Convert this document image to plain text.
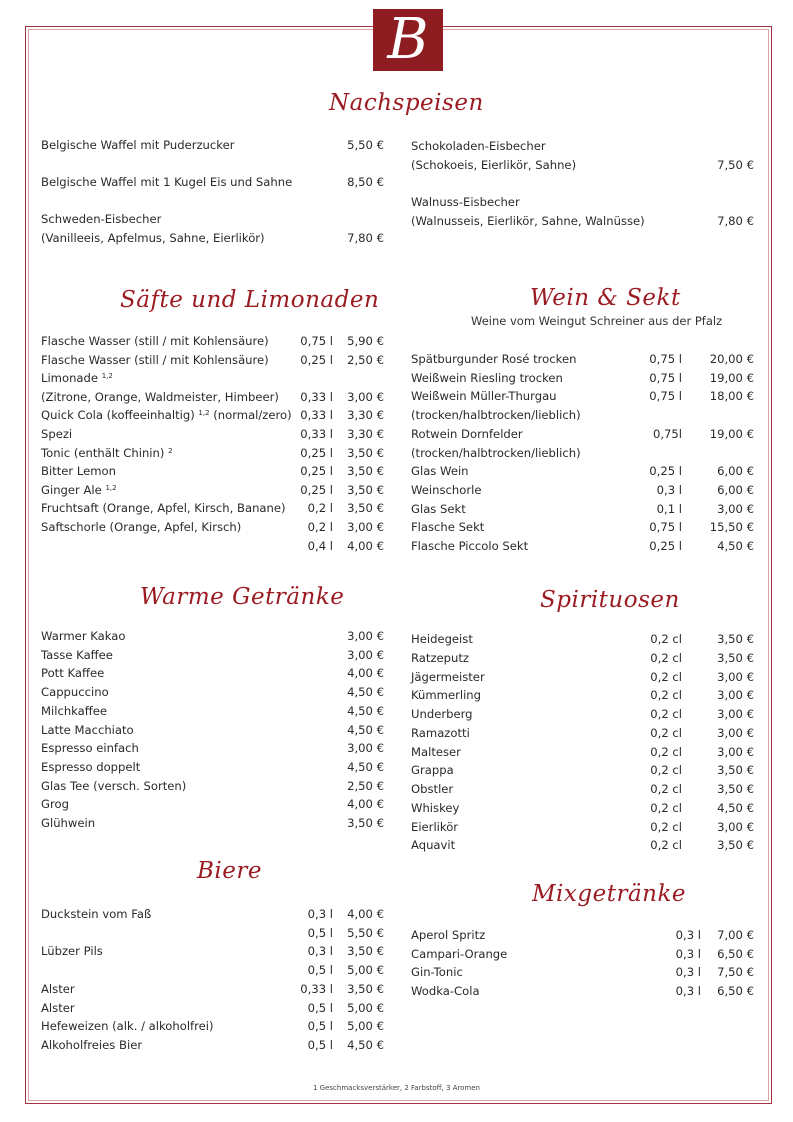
B
Nachspeisen
Belgische Waffel mit Puderzucker	5,50 €
Belgische Waffel mit 1 Kugel Eis und Sahne	8,50 €
Schweden-Eisbecher
(Vanilleeis, Apfelmus, Sahne, Eierlikör)	7,80 €
Schokoladen-Eisbecher
(Schokoeis, Eierlikör, Sahne)	7,50 €
Walnuss-Eisbecher
(Walnusseis, Eierlikör, Sahne, Walnüsse)	7,80 €
Säfte und Limonaden
Flasche Wasser (still / mit Kohlensäure)	0,75 l 5,90 €
Flasche Wasser (still / mit Kohlensäure)	0,25 l 2,50 €
Limonade $^{1,2}$
(Zitrone, Orange, Waldmeister, Himbeer) 0,33 l 3,00 €
Quick Cola (koffeeinhaltig) $^{1,2}$ (normal/zero) 0,33 l 3,30 €
Spezi	0,33 l 3,30 €
Tonic (enthält Chinin) $^2$	0,25 l 3,50 €
Bitter Lemon	0,25 l 3,50 €
Ginger Ale $^{1,2}$	0,25 l 3,50 €
Fruchtsaft (Orange, Apfel, Kirsch, Banane) 0,2 l 3,50 €
Saftschorle (Orange, Apfel, Kirsch)	0,2 l 3,00 €
0,4 l 4,00 €
Wein & Sekt
Weine vom Weingut Schreiner aus der Pfalz
Spätburgunder Rosé trocken	0,75 l 20,00 €
Weißwein Riesling trocken	0,75 l 19,00 €
Weißwein Müller-Thurgau	0,75 l 18,00 €
(trocken/halbtrocken/lieblich)
Rotwein Dornfelder	0,75l 19,00 €
(trocken/halbtrocken/lieblich)
Glas Wein	0,25 l	6,00 €
Weinschorle	0,3 l	6,00 €
Glas Sekt	0,1 l	3,00 €
Flasche Sekt	0,75 l 15,50 €
Flasche Piccolo Sekt	0,25 l	4,50 €
Warme Getränke
Warmer Kakao	3,00 €
Tasse Kaffee	3,00 €
Pott Kaffee	4,00 €
Cappuccino	4,50 €
Milchkaffee	4,50 €
Latte Macchiato	4,50 €
Espresso einfach	3,00 €
Espresso doppelt	4,50 €
Glas Tee (versch. Sorten)	2,50 €
Grog	4,00 €
Glühwein	3,50 €
Spirituosen
Heidegeist	0,2 cl	3,50 €
Ratzeputz	0,2 cl	3,50 €
Jägermeister	0,2 cl	3,00 €
Kümmerling	0,2 cl	3,00 €
Underberg	0,2 cl	3,00 €
Ramazotti	0,2 cl	3,00 €
Malteser	0,2 cl	3,00 €
Grappa	0,2 cl	3,50 €
Obstler	0,2 cl	3,50 €
Whiskey	0,2 cl	4,50 €
Eierlikör	0,2 cl	3,00 €
Aquavit	0,2 cl	3,50 €
Biere
Duckstein vom Faß	0,3 l 4,00 €
0,5 l 5,50 €
Lübzer Pils	0,3 l 3,50 €
0,5 l 5,00 €
Alster	0,33 l 3,50 €
Alster	0,5 l 5,00 €
Hefeweizen (alk. / alkoholfrei)	0,5 l 5,00 €
Alkoholfreies Bier	0,5 l 4,50 €
Mixgetränke
Aperol Spritz	0,3 l 7,00 €
Campari-Orange	0,3 l 6,50 €
Gin-Tonic	0,3 l 7,50 €
Wodka-Cola	0,3 l 6,50 €
1 Geschmacksverstärker, 2 Farbstoff, 3 Aromen
